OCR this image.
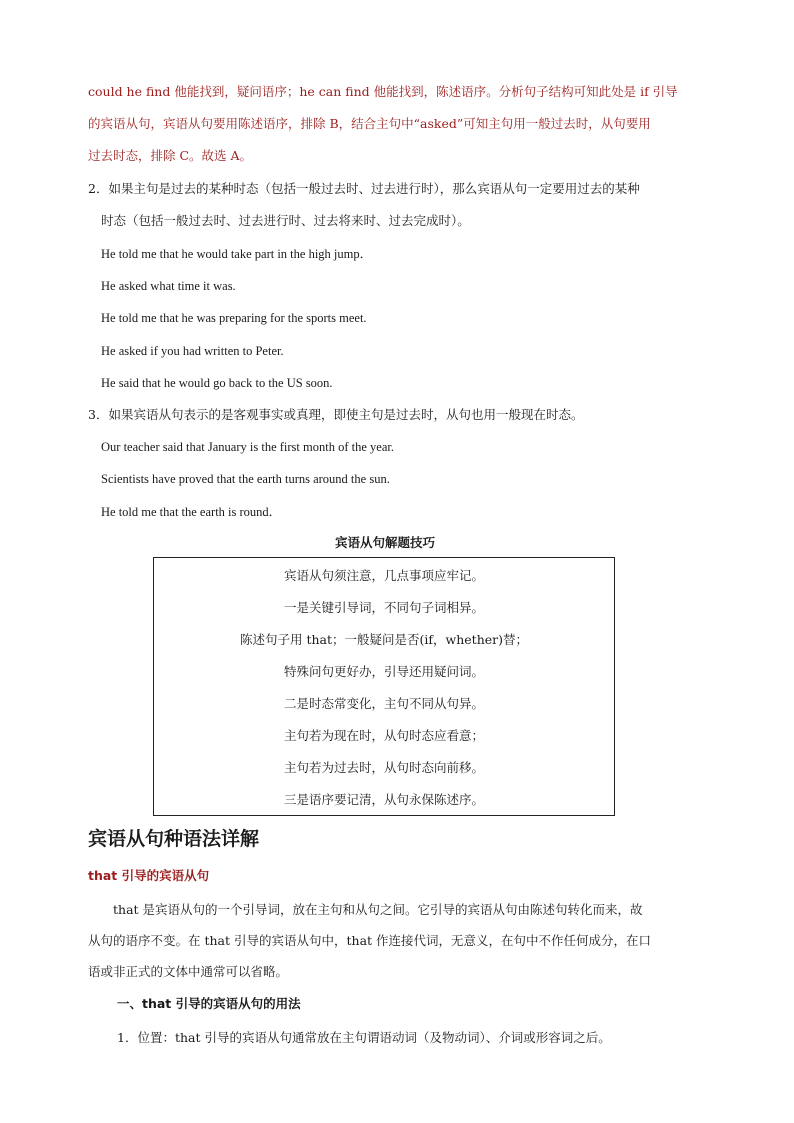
could he find 他能找到，疑问语序；he can find 他能找到，陈述语序。分析句子结构可知此处是 if 引导
的宾语从句，宾语从句要用陈述语序，排除 B，结合主句中“asked”可知主句用一般过去时，从句要用
过去时态，排除 C。故选 A。
2．如果主句是过去的某种时态（包括一般过去时、过去进行时），那么宾语从句一定要用过去的某种
时态（包括一般过去时、过去进行时、过去将来时、过去完成时）。
He told me that he would take part in the high jump．
He asked what time it was.
He told me that he was preparing for the sports meet.
He asked if you had written to Peter.
He said that he would go back to the US soon.
3．如果宾语从句表示的是客观事实或真理，即使主句是过去时，从句也用一般现在时态。
Our teacher said that January is the first month of the year.
Scientists have proved that the earth turns around the sun.
He told me that the earth is round．
宾语从句解题技巧
宾语从句须注意，几点事项应牢记。
一是关键引导词，不同句子词相异。
陈述句子用 that；一般疑问是否(if，whether)替；
特殊问句更好办，引导还用疑问词。
二是时态常变化，主句不同从句异。
主句若为现在时，从句时态应看意；
主句若为过去时，从句时态向前移。
三是语序要记清，从句永保陈述序。
宾语从句种语法详解
that 引导的宾语从句
　　that 是宾语从句的一个引导词，放在主句和从句之间。它引导的宾语从句由陈述句转化而来，故
从句的语序不变。在 that 引导的宾语从句中，that 作连接代词，无意义，在句中不作任何成分，在口
语或非正式的文体中通常可以省略。
一、that 引导的宾语从句的用法
1．位置：that 引导的宾语从句通常放在主句谓语动词（及物动词）、介词或形容词之后。
